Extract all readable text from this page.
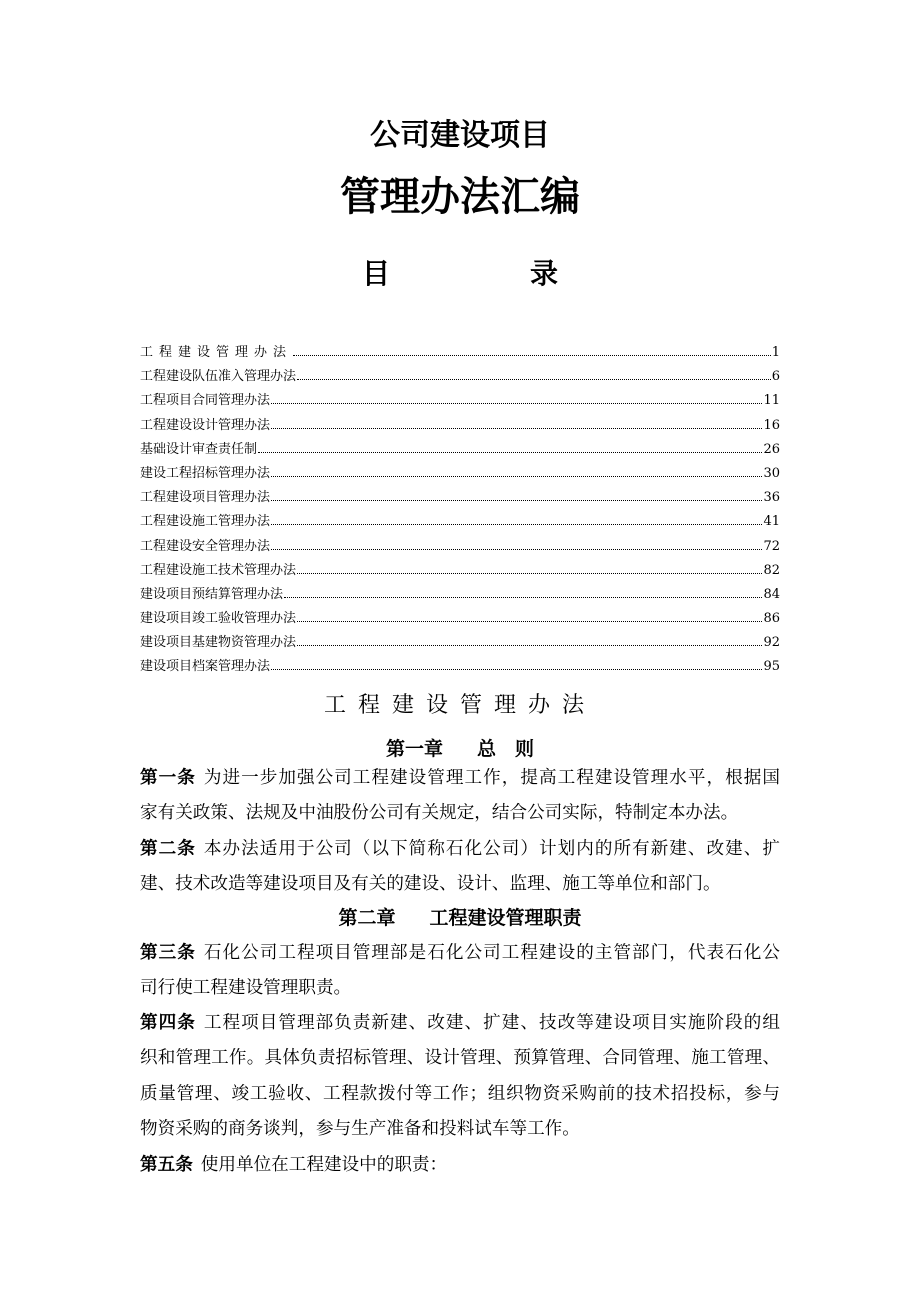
公司建设项目
管理办法汇编
目	录
工程建设管理办法	1
工程建设队伍准入管理办法	6
工程项目合同管理办法	11
工程建设设计管理办法	16
基础设计审查责任制	26
建设工程招标管理办法	30
工程建设项目管理办法	36
工程建设施工管理办法	41
工程建设安全管理办法	72
工程建设施工技术管理办法	82
建设项目预结算管理办法	84
建设项目竣工验收管理办法	86
建设项目基建物资管理办法	92
建设项目档案管理办法	95
工程建设管理办法
第一章 总　则
第一条 为进一步加强公司工程建设管理工作，提高工程建设管理水平，根据国
家有关政策、法规及中油股份公司有关规定，结合公司实际，特制定本办法。
第二条 本办法适用于公司（以下简称石化公司）计划内的所有新建、改建、扩
建、技术改造等建设项目及有关的建设、设计、监理、施工等单位和部门。
第二章 工程建设管理职责
第三条 石化公司工程项目管理部是石化公司工程建设的主管部门，代表石化公
司行使工程建设管理职责。
第四条 工程项目管理部负责新建、改建、扩建、技改等建设项目实施阶段的组
织和管理工作。具体负责招标管理、设计管理、预算管理、合同管理、施工管理、
质量管理、竣工验收、工程款拨付等工作；组织物资采购前的技术招投标，参与
物资采购的商务谈判，参与生产准备和投料试车等工作。
第五条 使用单位在工程建设中的职责：
